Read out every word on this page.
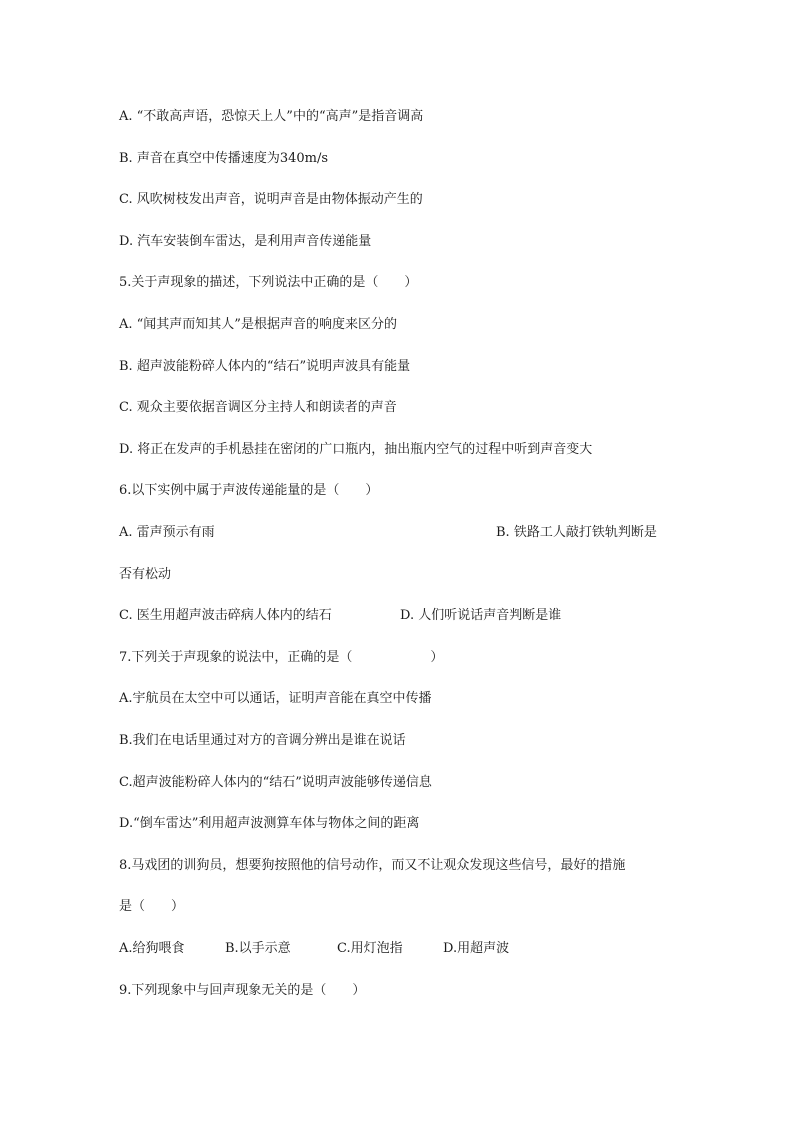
A. “不敢高声语，恐惊天上人”中的“高声”是指音调高
B. 声音在真空中传播速度为340m/s
C. 风吹树枝发出声音，说明声音是由物体振动产生的
D. 汽车安装倒车雷达，是利用声音传递能量
5.关于声现象的描述，下列说法中正确的是（　　）
A. “闻其声而知其人”是根据声音的响度来区分的
B. 超声波能粉碎人体内的“结石”说明声波具有能量
C. 观众主要依据音调区分主持人和朗读者的声音
D. 将正在发声的手机悬挂在密闭的广口瓶内，抽出瓶内空气的过程中听到声音变大
6.以下实例中属于声波传递能量的是（　　）
A. 雷声预示有雨	B. 铁路工人敲打铁轨判断是
否有松动
C. 医生用超声波击碎病人体内的结石	D. 人们听说话声音判断是谁
7.下列关于声现象的说法中，正确的是（　　　　　　）
A.宇航员在太空中可以通话，证明声音能在真空中传播
B.我们在电话里通过对方的音调分辨出是谁在说话
C.超声波能粉碎人体内的“结石”说明声波能够传递信息
D.“倒车雷达”利用超声波测算车体与物体之间的距离
8.马戏团的训狗员，想要狗按照他的信号动作，而又不让观众发现这些信号，最好的措施
是（　　）
A.给狗喂食	B.以手示意	C.用灯泡指	D.用超声波
9.下列现象中与回声现象无关的是（　　）
